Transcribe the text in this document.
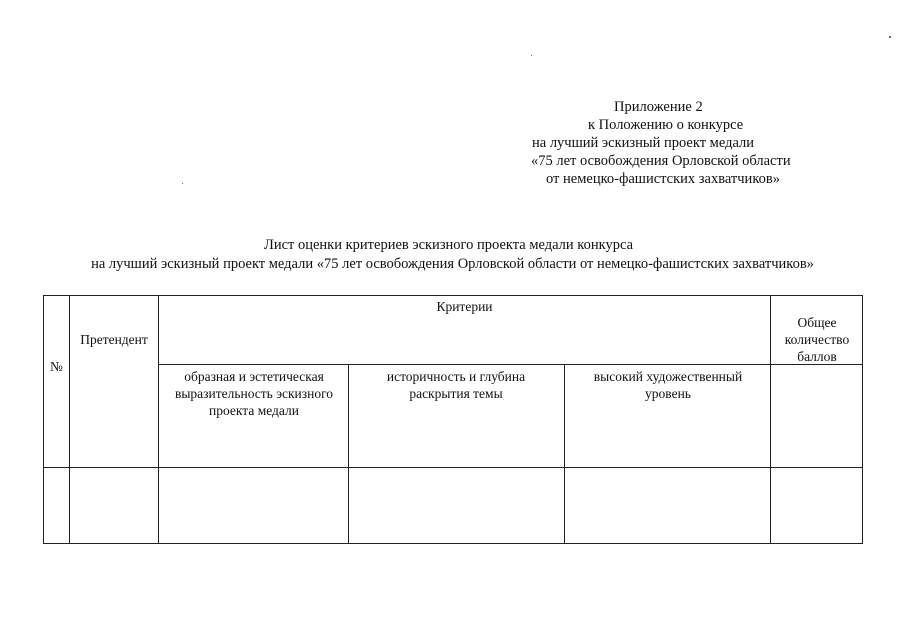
Приложение 2
к Положению о конкурсе
на лучший эскизный проект медали
«75 лет освобождения Орловской области
от немецко-фашистских захватчиков»
Лист оценки критериев эскизного проекта медали конкурса
на лучший эскизный проект медали «75 лет освобождения Орловской области от немецко-фашистских захватчиков»
№
Претендент
Критерии
Общее количество баллов
образная и эстетическая выразительность эскизного проекта медали
историчность и глубина раскрытия темы
высокий художественный уровень
